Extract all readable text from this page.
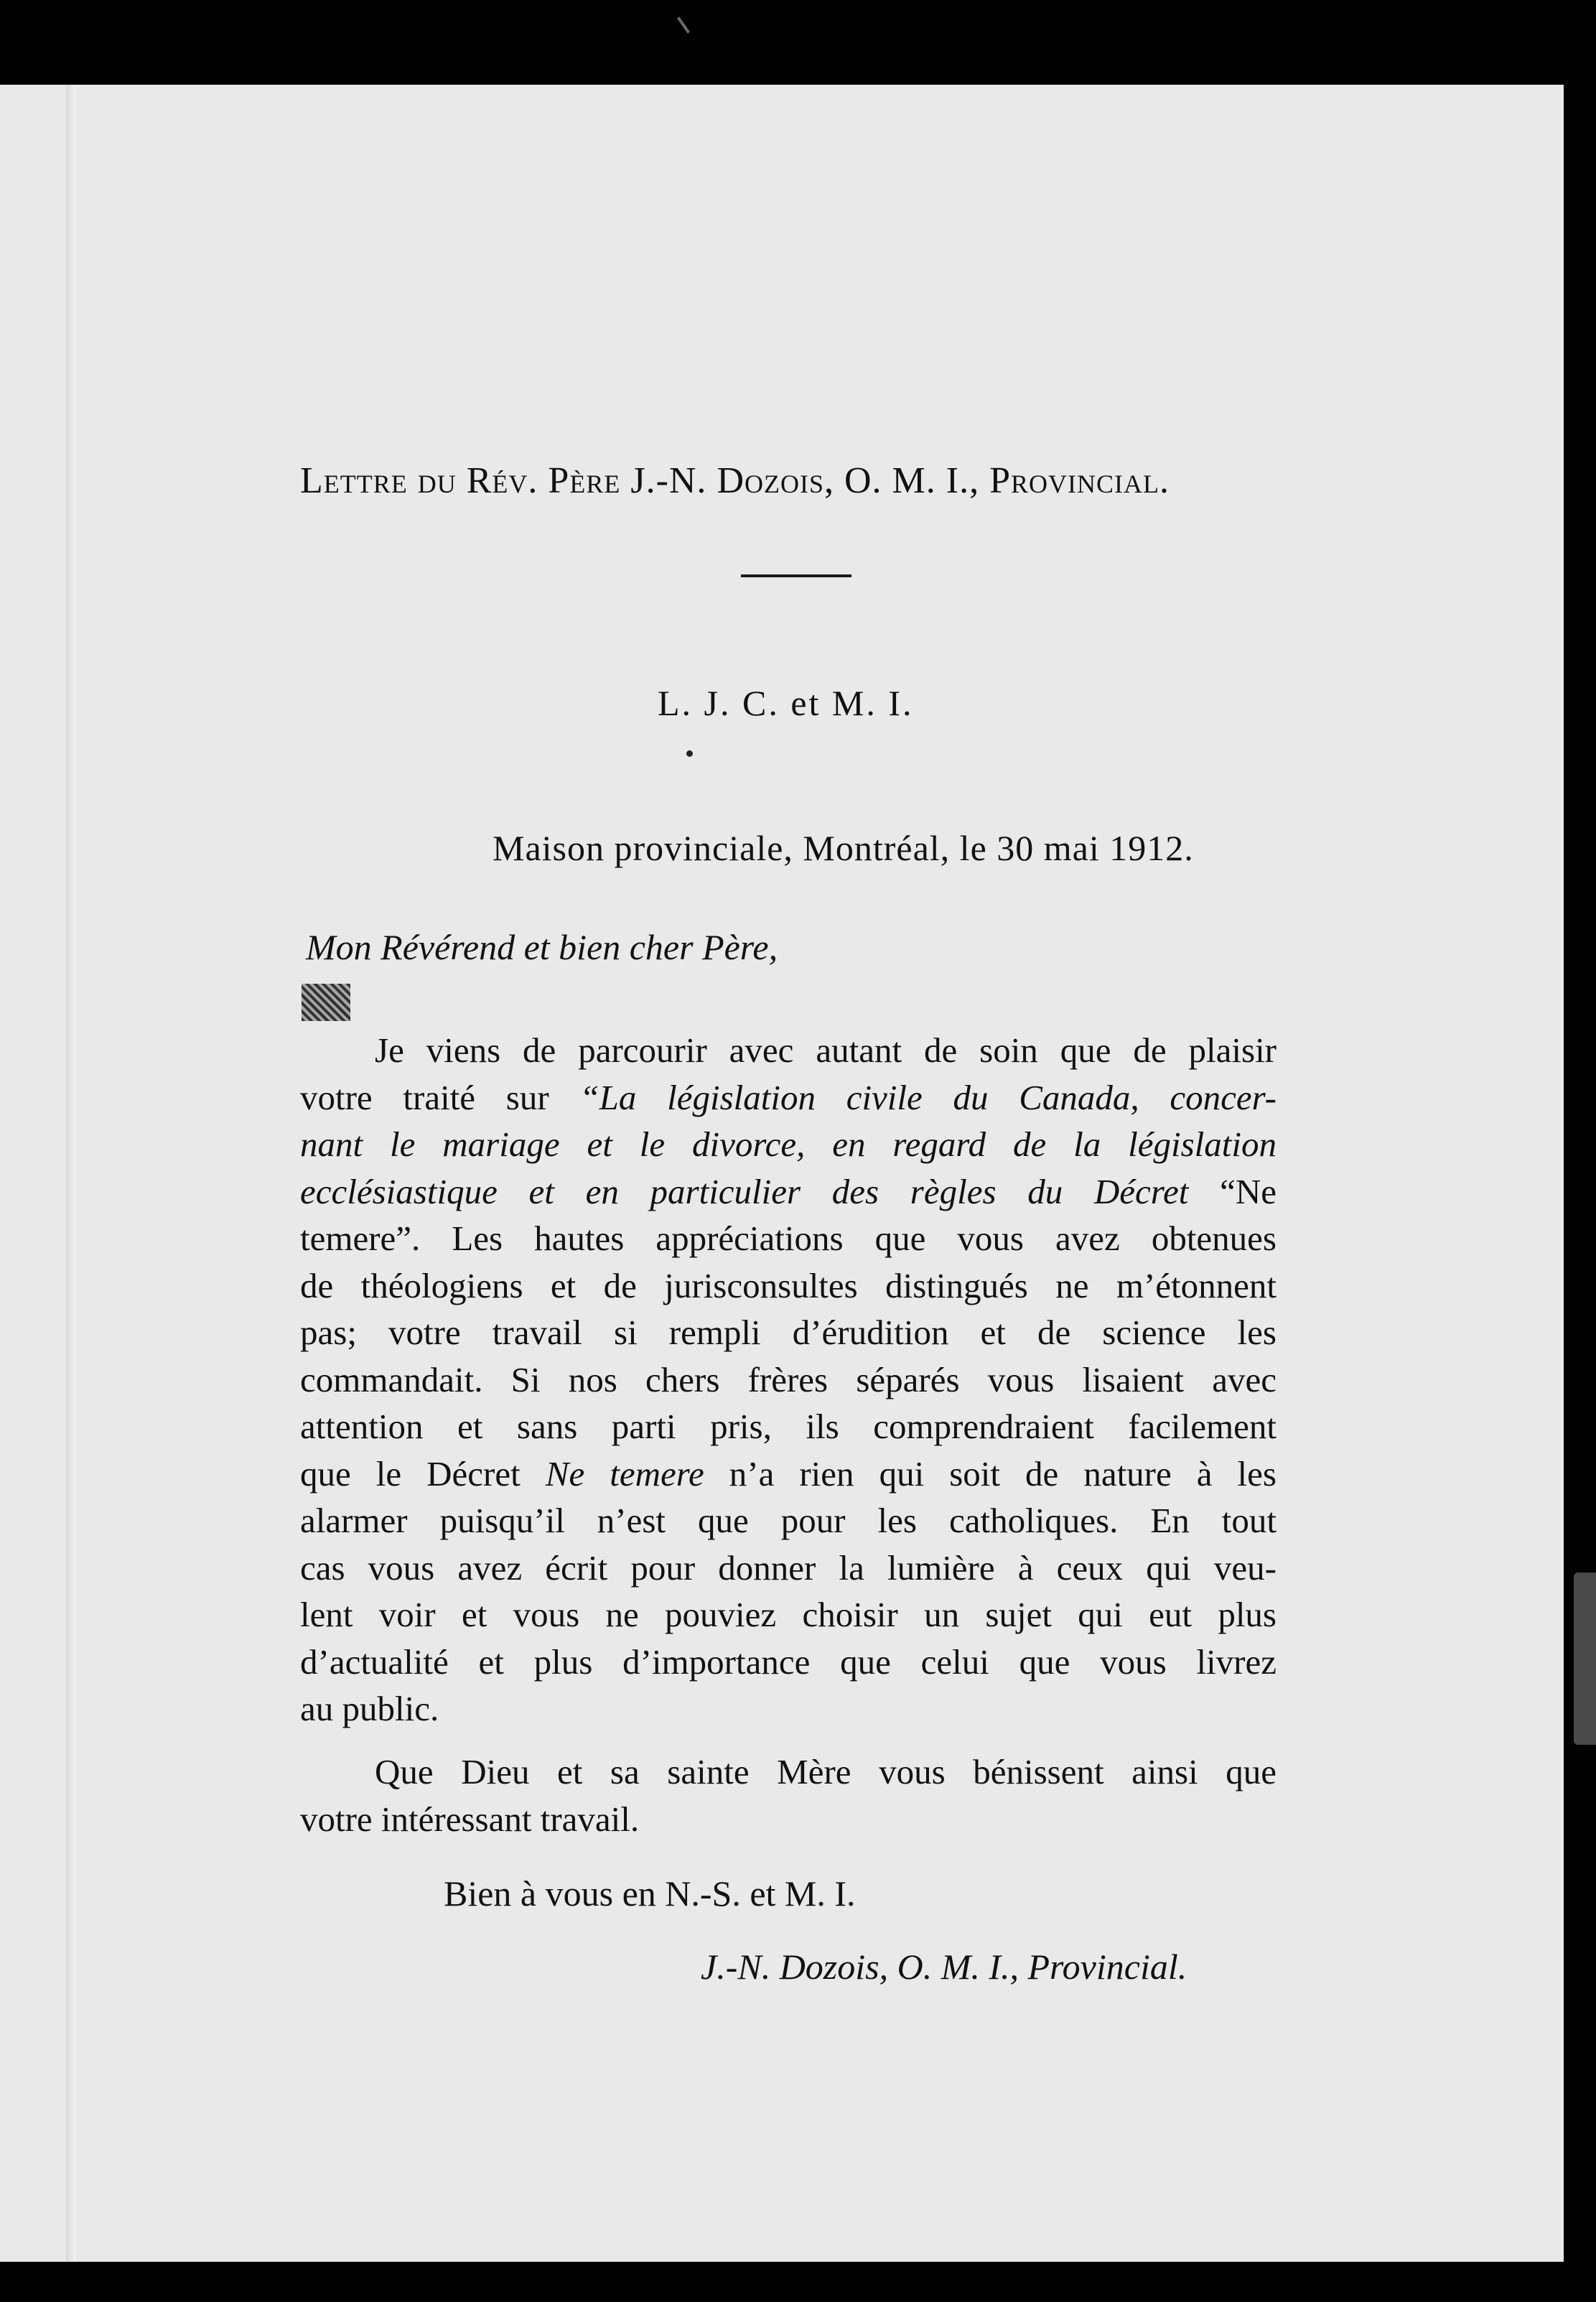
Lettre du Rév. Père J.-N. Dozois, O. M. I., Provincial.
L. J. C. et M. I.
Maison provinciale, Montréal, le 30 mai 1912.
Mon Révérend et bien cher Père,
Je viens de parcourir avec autant de soin que de plaisir
votre traité sur “La législation civile du Canada, concer-
nant le mariage et le divorce, en regard de la législation
ecclésiastique et en particulier des règles du Décret “Ne
temere”. Les hautes appréciations que vous avez obtenues
de théologiens et de jurisconsultes distingués ne m’étonnent
pas; votre travail si rempli d’érudition et de science les
commandait. Si nos chers frères séparés vous lisaient avec
attention et sans parti pris, ils comprendraient facilement
que le Décret Ne temere n’a rien qui soit de nature à les
alarmer puisqu’il n’est que pour les catholiques. En tout
cas vous avez écrit pour donner la lumière à ceux qui veu-
lent voir et vous ne pouviez choisir un sujet qui eut plus
d’actualité et plus d’importance que celui que vous livrez
au public.
Que Dieu et sa sainte Mère vous bénissent ainsi que
votre intéressant travail.
Bien à vous en N.-S. et M. I.
J.-N. Dozois, O. M. I., Provincial.
